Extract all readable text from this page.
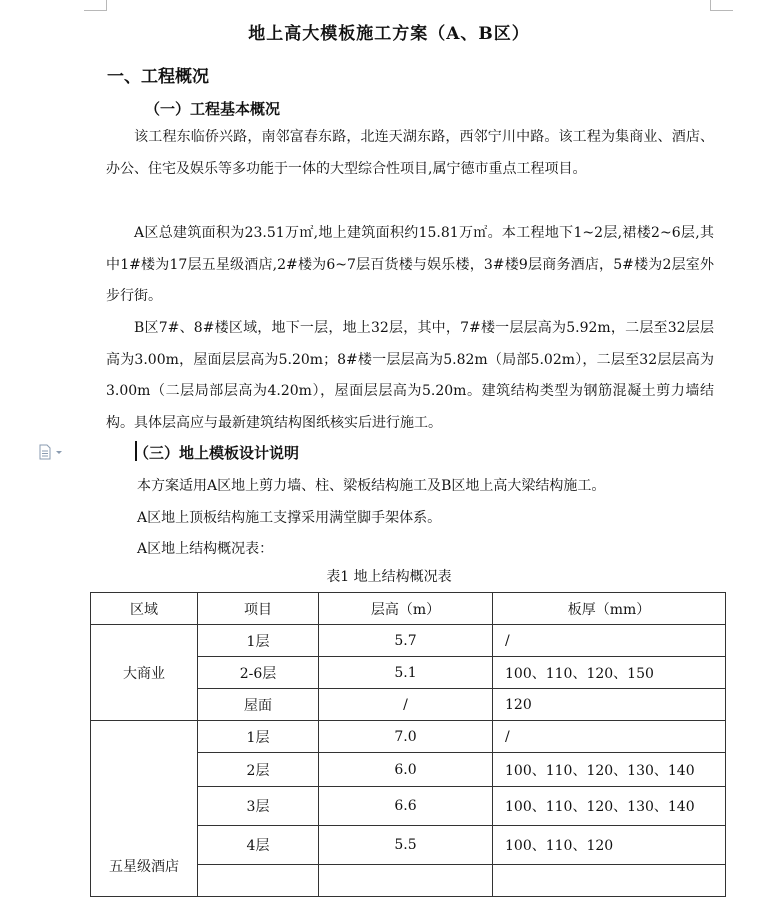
地上高大模板施工方案（A、B区）
一、工程概况
（一）工程基本概况
该工程东临侨兴路，南邻富春东路，北连天湖东路，西邻宁川中路。该工程为集商业、酒店、办公、住宅及娱乐等多功能于一体的大型综合性项目,属宁德市重点工程项目。
A区总建筑面积为23.51万㎡,地上建筑面积约15.81万㎡。本工程地下1~2层,裙楼2~6层,其中1#楼为17层五星级酒店,2#楼为6~7层百货楼与娱乐楼，3#楼9层商务酒店，5#楼为2层室外步行街。
B区7#、8#楼区域，地下一层，地上32层，其中，7#楼一层层高为5.92m，二层至32层层高为3.00m，屋面层层高为5.20m；8#楼一层层高为5.82m（局部5.02m），二层至32层层高为3.00m（二层局部层高为4.20m），屋面层层高为5.20m。建筑结构类型为钢筋混凝土剪力墙结构。具体层高应与最新建筑结构图纸核实后进行施工。
（三）地上模板设计说明
本方案适用A区地上剪力墙、柱、梁板结构施工及B区地上高大梁结构施工。
A区地上顶板结构施工支撑采用满堂脚手架体系。
A区地上结构概况表：
表1 地上结构概况表
区域	项目	层高（m）	板厚（mm）
大商业	1层	5.7	/
	2-6层	5.1	100、110、120、150
	屋面	/	120
五星级酒店	1层	7.0	/
	2层	6.0	100、110、120、130、140
	3层	6.6	100、110、120、130、140
	4层	5.5	100、110、120
